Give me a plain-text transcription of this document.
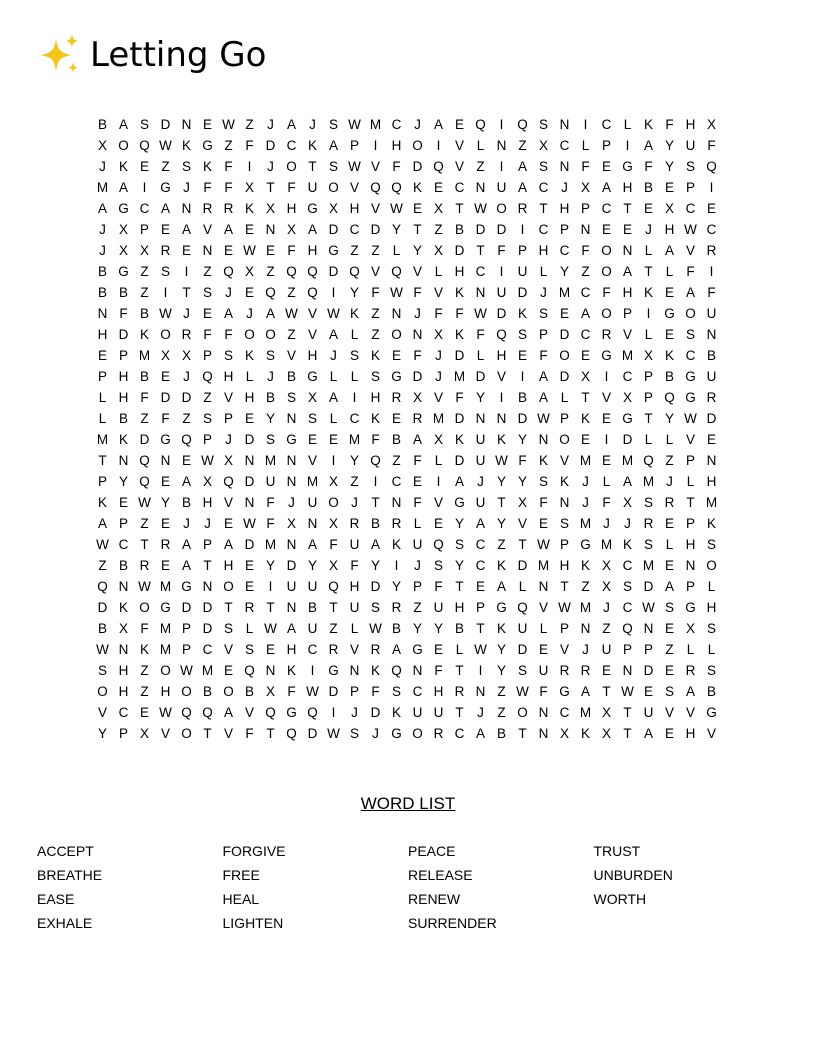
Letting Go
B A S D N E W Z	J A J S W M C J A E Q	I	Q S N	I	C L K F H X
X O Q W K G Z F D C K A P	I	H O	I	V L N Z X C L P	I	A Y U F
J K E Z S K F	I	J O T S W V F D Q V Z	I	A S N F E G F Y S Q
M A	I	G J	F F X T F U O V Q Q K E C N U A C J X A H B E P	I
A G C A N R R K X H G X H V W E X T W O R T H P C T E X C E
J X P E A V A E N X A D C D Y T Z B D D	I	C P N E E J H W C
J X X R E N E W E F H G Z Z L Y X D T F P H C F O N L A V R
B G Z S	I	Z Q X Z Q Q D Q V Q V L H C	I	U L Y Z O A T L F	I
B B Z	I	T S J E Q Z Q	I	Y F W F V K N U D J M C F H K E A F
N F B W J E A J A W V W K Z N J	F F W D K S E A O P	I	G O U
H D K O R F F O O Z V A L Z O N X K F Q S P D C R V L E S N
E P M X X P S K S V H J S K E F	J D L H E F O E G M X K C B
P H B E J Q H L	J B G L L S G D J M D V	I	A D X	I	C P B G U
L H F D D Z V H B S X A	I	H R X V F Y	I	B A L T V X P Q G R
L B Z F Z S P E Y N S L C K E R M D N N D W P K E G T Y W D
M K D G Q P J D S G E E M F B A X K U K Y N O E	I	D L L V E
T N Q N E W X N M N V	I	Y Q Z F L D U W F K V M E M Q Z P N
P Y Q E A X Q D U N M X Z	I	C E	I	A J Y Y S K J	L A M J	L H
K E W Y B H V N F	J U O J	T N F V G U T X F N J	F X S R T M
A P Z E J	J E W F X N X R B R L E Y A Y V E S M J	J R E P K
W C T R A P A D M N A F U A K U Q S C Z T W P G M K S L H S
Z B R E A T H E Y D Y X F Y	I	J S Y C K D M H K X C M E N O
Q N W M G N O E	I	U U Q H D Y P F T E A L N T Z X S D A P L
D K O G D D T R T N B T U S R Z U H P G Q V W M J C W S G H
B X F M P D S L W A U Z L W B Y Y B T K U L P N Z Q N E X S
W N K M P C V S E H C R V R A G E L W Y D E V J U P P Z L L
S H Z O W M E Q N K	I	G N K Q N F T	I	Y S U R R E N D E R S
O H Z H O B O B X F W D P F S C H R N Z W F G A T W E S A B
V C E W Q Q A V Q G Q	I	J D K U U T	J	Z O N C M X T U V V G
Y P X V O T V F T Q D W S J G O R C A B T N X K X T A E H V
WORD LIST
ACCEPT
BREATHE
EASE
EXHALE
FORGIVE
FREE
HEAL
LIGHTEN
PEACE
RELEASE
RENEW
SURRENDER
TRUST
UNBURDEN
WORTH
